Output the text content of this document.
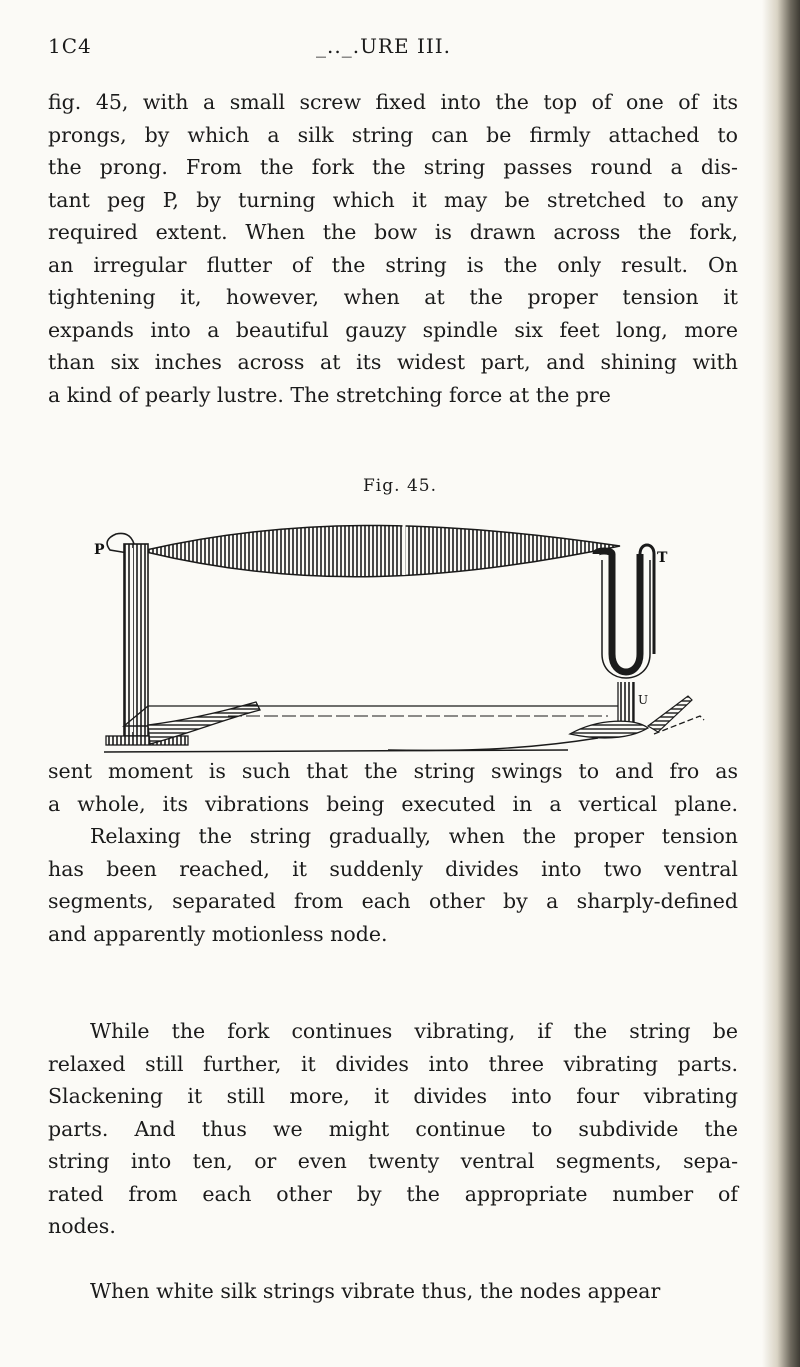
1C4	_.._.URE III.

fig. 45, with a small screw fixed into the top of one of its
prongs, by which a silk string can be firmly attached to
the prong. From the fork the string passes round a dis-
tant peg P, by turning which it may be stretched to any
required extent. When the bow is drawn across the fork,
an irregular flutter of the string is the only result. On
tightening it, however, when at the proper tension it
expands into a beautiful gauzy spindle six feet long, more
than six inches across at its widest part, and shining with
a kind of pearly lustre. The stretching force at the pre

Fig. 45.
P	T
U

sent moment is such that the string swings to and fro as
a whole, its vibrations being executed in a vertical plane.
Relaxing the string gradually, when the proper tension
has been reached, it suddenly divides into two ventral
segments, separated from each other by a sharply-defined
and apparently motionless node.

While the fork continues vibrating, if the string be
relaxed still further, it divides into three vibrating parts.
Slackening it still more, it divides into four vibrating
parts. And thus we might continue to subdivide the
string into ten, or even twenty ventral segments, sepa-
rated from each other by the appropriate number of
nodes.

When white silk strings vibrate thus, the nodes appear
